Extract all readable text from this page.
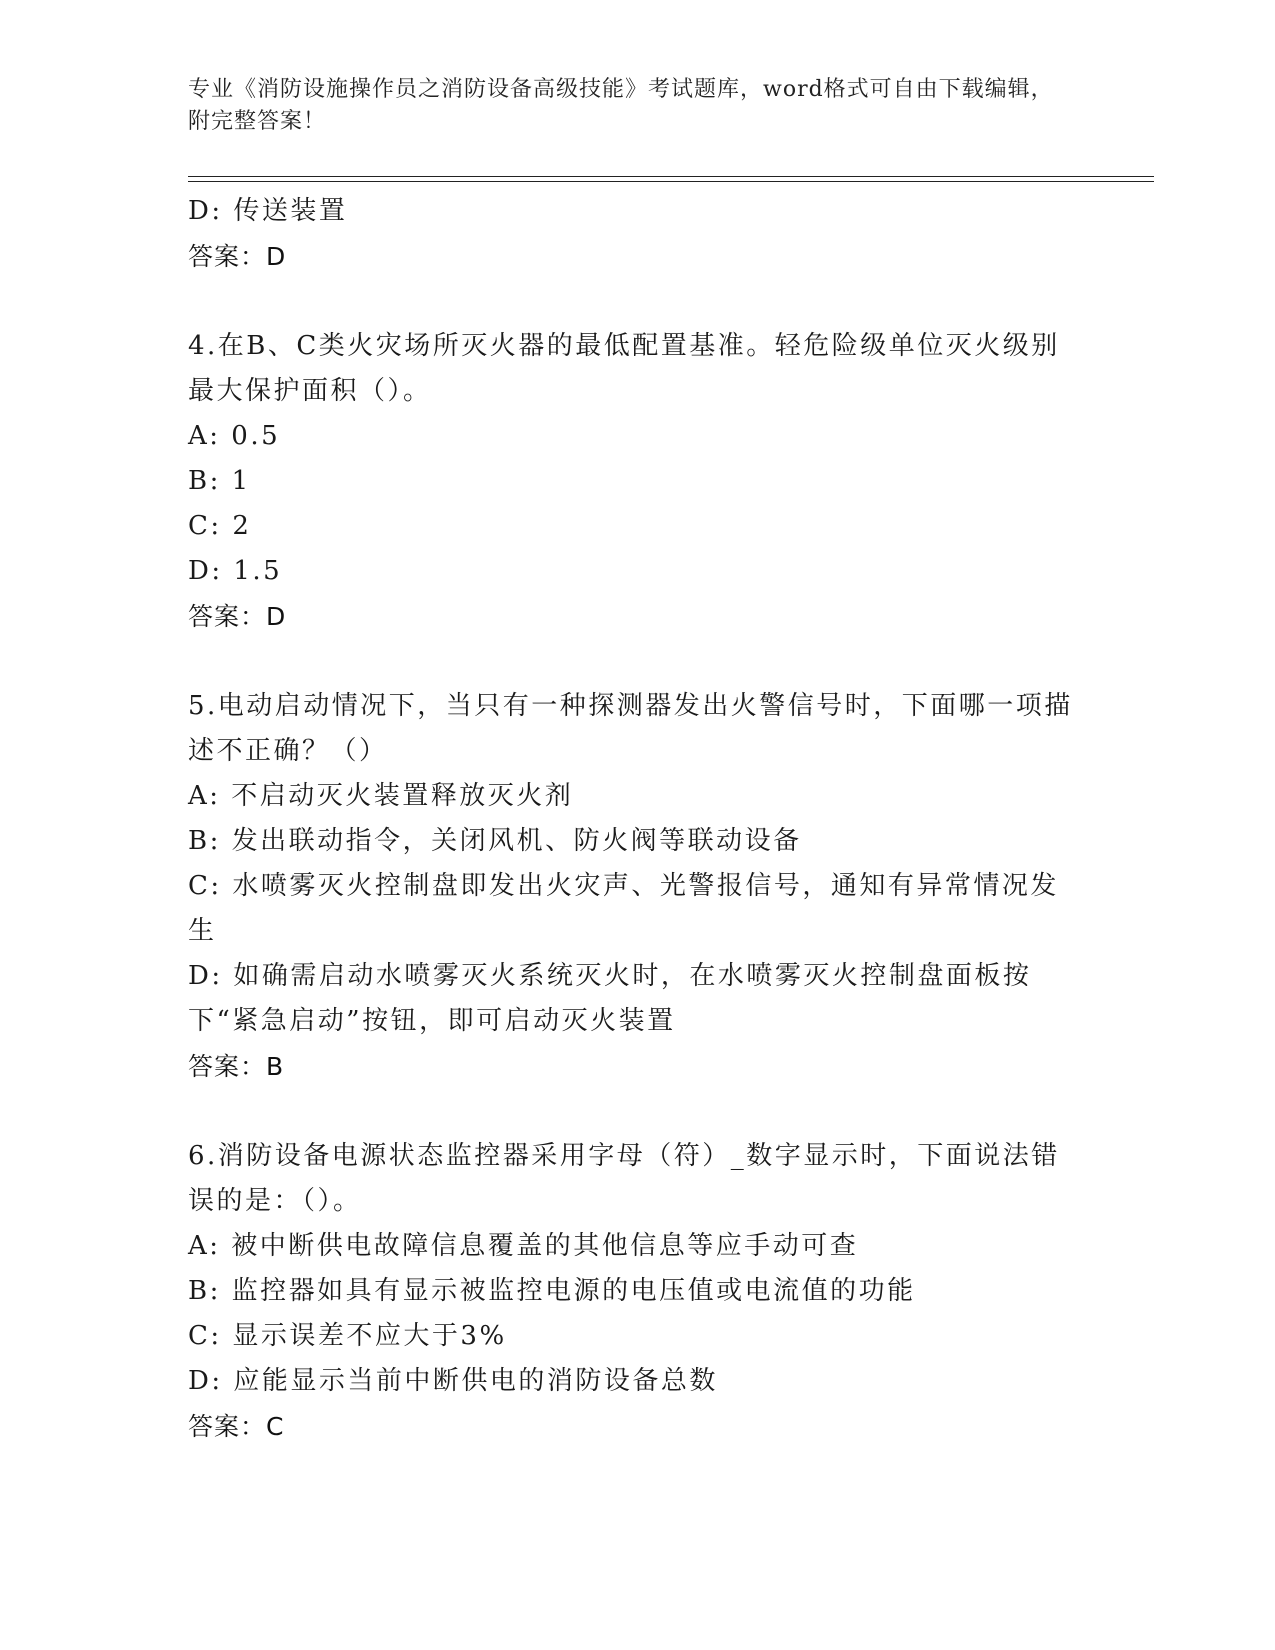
专业《消防设施操作员之消防设备高级技能》考试题库，word格式可自由下载编辑，附完整答案！
D: 传送装置
答案：D
4.在B、C类火灾场所灭火器的最低配置基准。轻危险级单位灭火级别最大保护面积（）。
A: 0.5
B: 1
C: 2
D: 1.5
答案：D
5.电动启动情况下，当只有一种探测器发出火警信号时，下面哪一项描述不正确？（）
A: 不启动灭火装置释放灭火剂
B: 发出联动指令，关闭风机、防火阀等联动设备
C: 水喷雾灭火控制盘即发出火灾声、光警报信号，通知有异常情况发生
D: 如确需启动水喷雾灭火系统灭火时，在水喷雾灭火控制盘面板按下“紧急启动”按钮，即可启动灭火装置
答案：B
6.消防设备电源状态监控器采用字母（符）_数字显示时，下面说法错误的是：（）。
A: 被中断供电故障信息覆盖的其他信息等应手动可查
B: 监控器如具有显示被监控电源的电压值或电流值的功能
C: 显示误差不应大于3%
D: 应能显示当前中断供电的消防设备总数
答案：C
